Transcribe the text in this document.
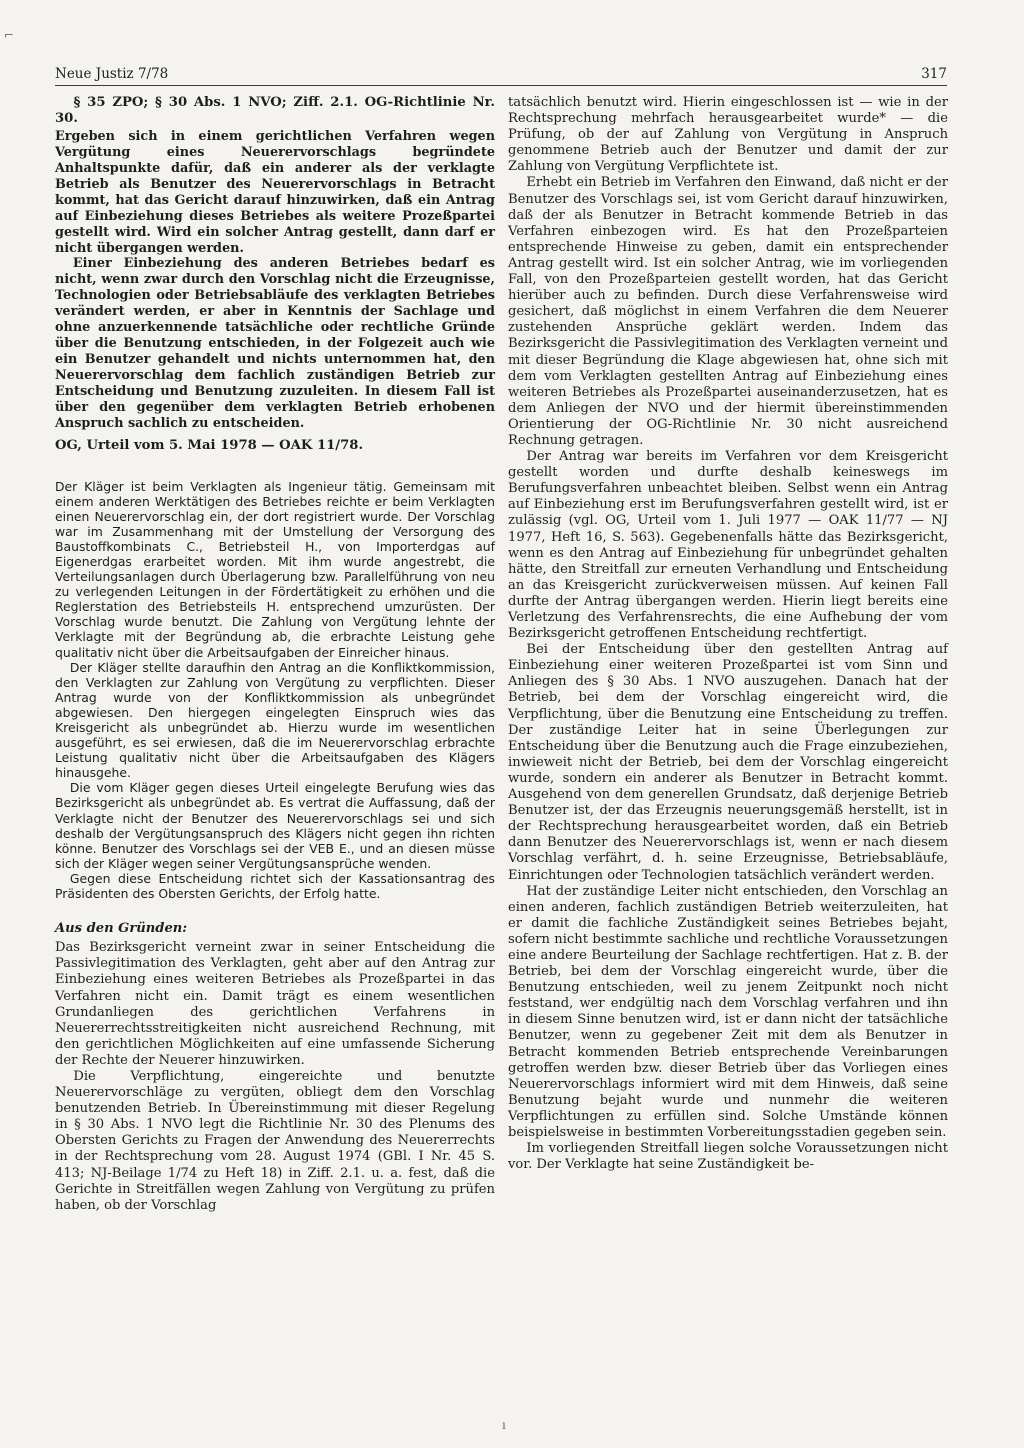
⌐
Neue Justiz 7/78	317

§ 35 ZPO; § 30 Abs. 1 NVO; Ziff. 2.1. OG-Richtlinie Nr. 30.

Ergeben sich in einem gerichtlichen Verfahren wegen Vergütung eines Neuerervorschlags begründete Anhaltspunkte dafür, daß ein anderer als der verklagte Betrieb als Benutzer des Neuerervorschlags in Betracht kommt, hat das Gericht darauf hinzuwirken, daß ein Antrag auf Einbeziehung dieses Betriebes als weitere Prozeßpartei gestellt wird. Wird ein solcher Antrag gestellt, dann darf er nicht übergangen werden.

Einer Einbeziehung des anderen Betriebes bedarf es nicht, wenn zwar durch den Vorschlag nicht die Erzeugnisse, Technologien oder Betriebsabläufe des verklagten Betriebes verändert werden, er aber in Kenntnis der Sachlage und ohne anzuerkennende tatsächliche oder rechtliche Gründe über die Benutzung entschieden, in der Folgezeit auch wie ein Benutzer gehandelt und nichts unternommen hat, den Neuerervorschlag dem fachlich zuständigen Betrieb zur Entscheidung und Benutzung zuzuleiten. In diesem Fall ist über den gegenüber dem verklagten Betrieb erhobenen Anspruch sachlich zu entscheiden.

OG, Urteil vom 5. Mai 1978 — OAK 11/78.

Der Kläger ist beim Verklagten als Ingenieur tätig. Gemeinsam mit einem anderen Werktätigen des Betriebes reichte er beim Verklagten einen Neuerervorschlag ein, der dort registriert wurde. Der Vorschlag war im Zusammenhang mit der Umstellung der Versorgung des Baustoffkombinats C., Betriebsteil H., von Importerdgas auf Eigenerdgas erarbeitet worden. Mit ihm wurde angestrebt, die Verteilungsanlagen durch Überlagerung bzw. Parallelführung von neu zu verlegenden Leitungen in der Fördertätigkeit zu erhöhen und die Reglerstation des Betriebsteils H. entsprechend umzurüsten. Der Vorschlag wurde benutzt. Die Zahlung von Vergütung lehnte der Verklagte mit der Begründung ab, die erbrachte Leistung gehe qualitativ nicht über die Arbeitsaufgaben der Einreicher hinaus.

Der Kläger stellte daraufhin den Antrag an die Konfliktkommission, den Verklagten zur Zahlung von Vergütung zu verpflichten. Dieser Antrag wurde von der Konfliktkommission als unbegründet abgewiesen. Den hiergegen eingelegten Einspruch wies das Kreisgericht als unbegründet ab. Hierzu wurde im wesentlichen ausgeführt, es sei erwiesen, daß die im Neuerervorschlag erbrachte Leistung qualitativ nicht über die Arbeitsaufgaben des Klägers hinausgehe.

Die vom Kläger gegen dieses Urteil eingelegte Berufung wies das Bezirksgericht als unbegründet ab. Es vertrat die Auffassung, daß der Verklagte nicht der Benutzer des Neuerervorschlags sei und sich deshalb der Vergütungsanspruch des Klägers nicht gegen ihn richten könne. Benutzer des Vorschlags sei der VEB E., und an diesen müsse sich der Kläger wegen seiner Vergütungsansprüche wenden.

Gegen diese Entscheidung richtet sich der Kassationsantrag des Präsidenten des Obersten Gerichts, der Erfolg hatte.

Aus den Gründen:

Das Bezirksgericht verneint zwar in seiner Entscheidung die Passivlegitimation des Verklagten, geht aber auf den Antrag zur Einbeziehung eines weiteren Betriebes als Prozeßpartei in das Verfahren nicht ein. Damit trägt es einem wesentlichen Grundanliegen des gerichtlichen Verfahrens in Neuererrechtsstreitigkeiten nicht ausreichend Rechnung, mit den gerichtlichen Möglichkeiten auf eine umfassende Sicherung der Rechte der Neuerer hinzuwirken.

Die Verpflichtung, eingereichte und benutzte Neuerervorschläge zu vergüten, obliegt dem den Vorschlag benutzenden Betrieb. In Übereinstimmung mit dieser Regelung in § 30 Abs. 1 NVO legt die Richtlinie Nr. 30 des Plenums des Obersten Gerichts zu Fragen der Anwendung des Neuererrechts in der Rechtsprechung vom 28. August 1974 (GBl. I Nr. 45 S. 413; NJ-Beilage 1/74 zu Heft 18) in Ziff. 2.1. u. a. fest, daß die Gerichte in Streitfällen wegen Zahlung von Vergütung zu prüfen haben, ob der Vorschlag

tatsächlich benutzt wird. Hierin eingeschlossen ist — wie in der Rechtsprechung mehrfach herausgearbeitet wurde* — die Prüfung, ob der auf Zahlung von Vergütung in Anspruch genommene Betrieb auch der Benutzer und damit der zur Zahlung von Vergütung Verpflichtete ist.

Erhebt ein Betrieb im Verfahren den Einwand, daß nicht er der Benutzer des Vorschlags sei, ist vom Gericht darauf hinzuwirken, daß der als Benutzer in Betracht kommende Betrieb in das Verfahren einbezogen wird. Es hat den Prozeßparteien entsprechende Hinweise zu geben, damit ein entsprechender Antrag gestellt wird. Ist ein solcher Antrag, wie im vorliegenden Fall, von den Prozeßparteien gestellt worden, hat das Gericht hierüber auch zu befinden. Durch diese Verfahrensweise wird gesichert, daß möglichst in einem Verfahren die dem Neuerer zustehenden Ansprüche geklärt werden. Indem das Bezirksgericht die Passivlegitimation des Verklagten verneint und mit dieser Begründung die Klage abgewiesen hat, ohne sich mit dem vom Verklagten gestellten Antrag auf Einbeziehung eines weiteren Betriebes als Prozeßpartei auseinanderzusetzen, hat es dem Anliegen der NVO und der hiermit übereinstimmenden Orientierung der OG-Richtlinie Nr. 30 nicht ausreichend Rechnung getragen.

Der Antrag war bereits im Verfahren vor dem Kreisgericht gestellt worden und durfte deshalb keineswegs im Berufungsverfahren unbeachtet bleiben. Selbst wenn ein Antrag auf Einbeziehung erst im Berufungsverfahren gestellt wird, ist er zulässig (vgl. OG, Urteil vom 1. Juli 1977 — OAK 11/77 — NJ 1977, Heft 16, S. 563). Gegebenenfalls hätte das Bezirksgericht, wenn es den Antrag auf Einbeziehung für unbegründet gehalten hätte, den Streitfall zur erneuten Verhandlung und Entscheidung an das Kreisgericht zurückverweisen müssen. Auf keinen Fall durfte der Antrag übergangen werden. Hierin liegt bereits eine Verletzung des Verfahrensrechts, die eine Aufhebung der vom Bezirksgericht getroffenen Entscheidung rechtfertigt.

Bei der Entscheidung über den gestellten Antrag auf Einbeziehung einer weiteren Prozeßpartei ist vom Sinn und Anliegen des § 30 Abs. 1 NVO auszugehen. Danach hat der Betrieb, bei dem der Vorschlag eingereicht wird, die Verpflichtung, über die Benutzung eine Entscheidung zu treffen. Der zuständige Leiter hat in seine Überlegungen zur Entscheidung über die Benutzung auch die Frage einzubeziehen, inwieweit nicht der Betrieb, bei dem der Vorschlag eingereicht wurde, sondern ein anderer als Benutzer in Betracht kommt. Ausgehend von dem generellen Grundsatz, daß derjenige Betrieb Benutzer ist, der das Erzeugnis neuerungsgemäß herstellt, ist in der Rechtsprechung herausgearbeitet worden, daß ein Betrieb dann Benutzer des Neuerervorschlags ist, wenn er nach diesem Vorschlag verfährt, d. h. seine Erzeugnisse, Betriebsabläufe, Einrichtungen oder Technologien tatsächlich verändert werden.

Hat der zuständige Leiter nicht entschieden, den Vorschlag an einen anderen, fachlich zuständigen Betrieb weiterzuleiten, hat er damit die fachliche Zuständigkeit seines Betriebes bejaht, sofern nicht bestimmte sachliche und rechtliche Voraussetzungen eine andere Beurteilung der Sachlage rechtfertigen. Hat z. B. der Betrieb, bei dem der Vorschlag eingereicht wurde, über die Benutzung entschieden, weil zu jenem Zeitpunkt noch nicht feststand, wer endgültig nach dem Vorschlag verfahren und ihn in diesem Sinne benutzen wird, ist er dann nicht der tatsächliche Benutzer, wenn zu gegebener Zeit mit dem als Benutzer in Betracht kommenden Betrieb entsprechende Vereinbarungen getroffen werden bzw. dieser Betrieb über das Vorliegen eines Neuerervorschlags informiert wird mit dem Hinweis, daß seine Benutzung bejaht wurde und nunmehr die weiteren Verpflichtungen zu erfüllen sind. Solche Umstände können beispielsweise in bestimmten Vorbereitungsstadien gegeben sein.

Im vorliegenden Streitfall liegen solche Voraussetzungen nicht vor. Der Verklagte hat seine Zuständigkeit be-

ı
